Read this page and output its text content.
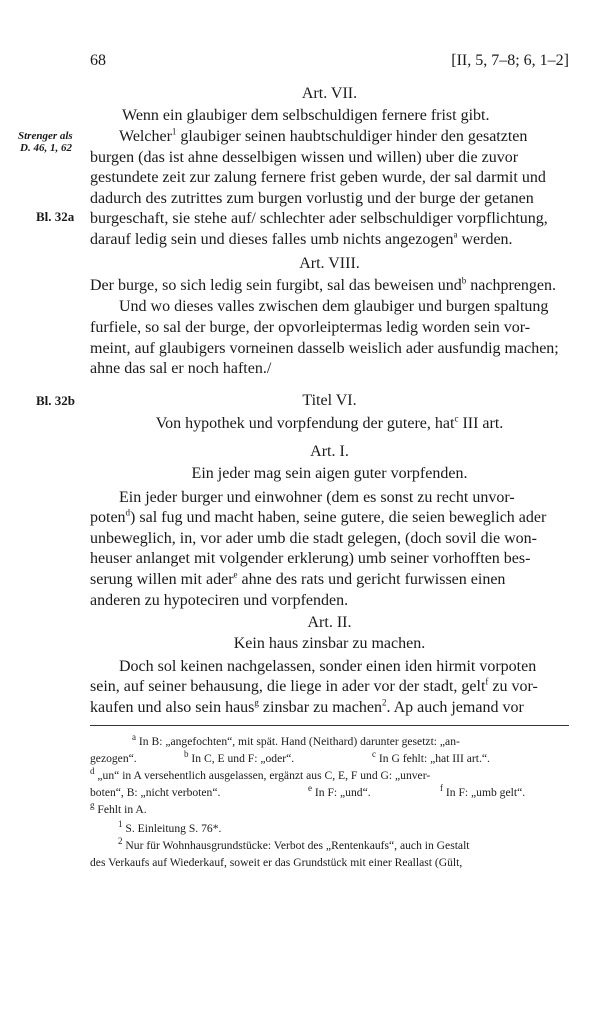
68	[II, 5, 7–8; 6, 1–2]
Art. VII.
Wenn ein glaubiger dem selbschuldigen fernere frist gibt.
Strenger als
D. 46, 1, 62
Welcher$^1$ glaubiger seinen haubtschuldiger hinder den gesatzten
burgen (das ist ahne desselbigen wissen und willen) uber die zuvor
gestundete zeit zur zalung fernere frist geben wurde, der sal darmit und
dadurch des zutrittes zum burgen vorlustig und der burge der getanen
Bl. 32a burgeschaft, sie stehe auf/ schlechter ader selbschuldiger vorpflichtung,
darauf ledig sein und dieses falles umb nichts angezogen$^a$ werden.
Art. VIII.
Der burge, so sich ledig sein furgibt, sal das beweisen und$^b$ nachprengen.
Und wo dieses valles zwischen dem glaubiger und burgen spaltung
furfiele, so sal der burge, der opvorleiptermas ledig worden sein vor-
meint, auf glaubigers vorneinen dasselb weislich ader ausfundig machen;
ahne das sal er noch haften./
Bl. 32b	Titel VI.
Von hypothek und vorpfendung der gutere, hat$^c$ III art.
Art. I.
Ein jeder mag sein aigen guter vorpfenden.
Ein jeder burger und einwohner (dem es sonst zu recht unvor-
poten$^d$) sal fug und macht haben, seine gutere, die seien beweglich ader
unbeweglich, in, vor ader umb die stadt gelegen, (doch sovil die won-
heuser anlanget mit volgender erklerung) umb seiner vorhofften bes-
serung willen mit ader$^e$ ahne des rats und gericht furwissen einen
anderen zu hypoteciren und vorpfenden.
Art. II.
Kein haus zinsbar zu machen.
Doch sol keinen nachgelassen, sonder einen iden hirmit vorpoten
sein, auf seiner behausung, die liege in ader vor der stadt, gelt$^f$ zu vor-
kaufen und also sein haus$^g$ zinsbar zu machen$^2$. Ap auch jemand vor
$^a$ In B: „angefochten“, mit spät. Hand (Neithard) darunter gesetzt: „an-
gezogen“.	$^b$ In C, E und F: „oder“.	$^c$ In G fehlt: „hat III art.“.
$^d$ „un“ in A versehentlich ausgelassen, ergänzt aus C, E, F und G: „unver-
boten“, B: „nicht verboten“.	$^e$ In F: „und“.	$^f$ In F: „umb gelt“.
$^g$ Fehlt in A.
$^1$ S. Einleitung S. 76*.
$^2$ Nur für Wohnhausgrundstücke: Verbot des „Rentenkaufs“, auch in Gestalt
des Verkaufs auf Wiederkauf, soweit er das Grundstück mit einer Reallast (Gült,
